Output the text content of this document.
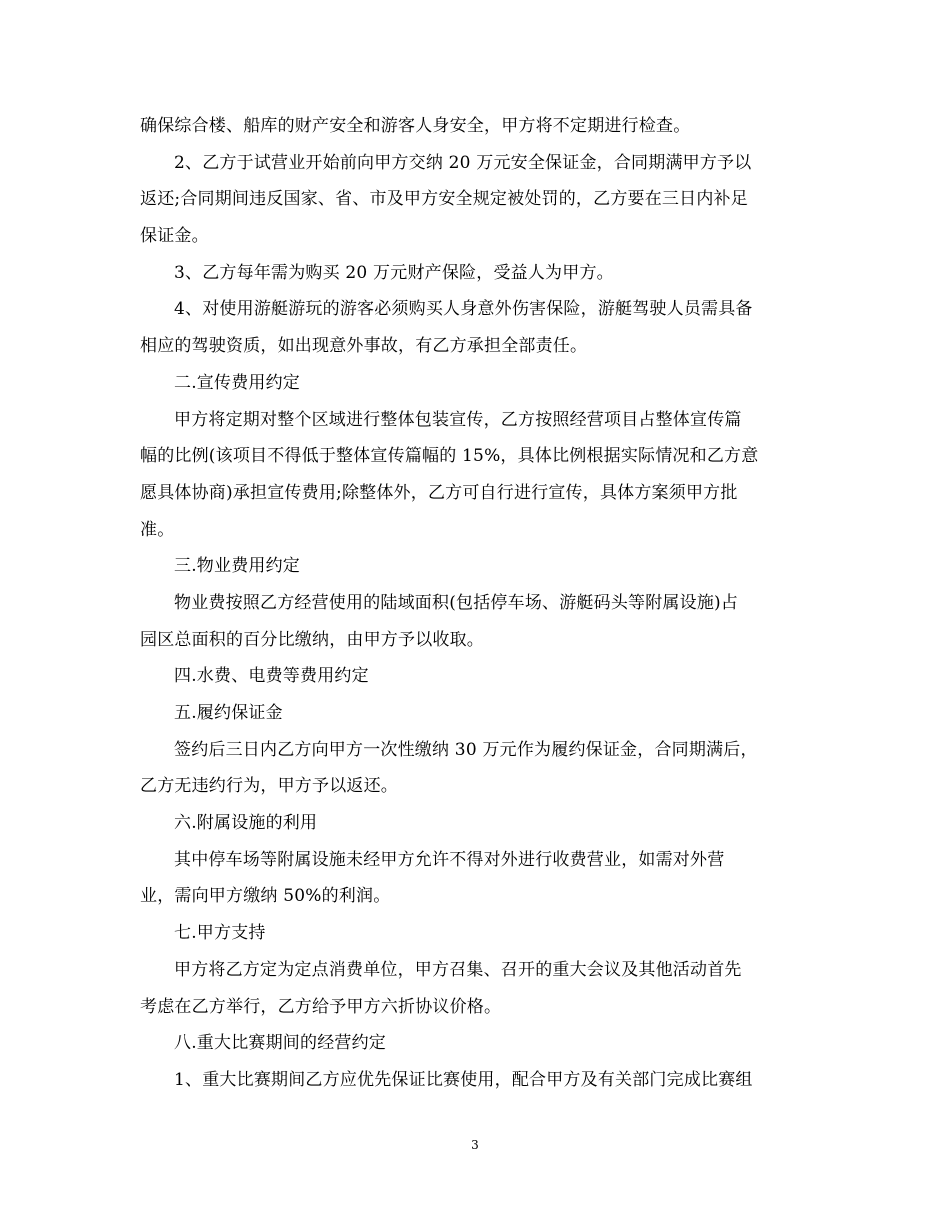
确保综合楼、船库的财产安全和游客人身安全，甲方将不定期进行检查。
2、乙方于试营业开始前向甲方交纳 20 万元安全保证金，合同期满甲方予以
返还;合同期间违反国家、省、市及甲方安全规定被处罚的，乙方要在三日内补足
保证金。
3、乙方每年需为购买 20 万元财产保险，受益人为甲方。
4、对使用游艇游玩的游客必须购买人身意外伤害保险，游艇驾驶人员需具备
相应的驾驶资质，如出现意外事故，有乙方承担全部责任。
二.宣传费用约定
甲方将定期对整个区域进行整体包装宣传，乙方按照经营项目占整体宣传篇
幅的比例(该项目不得低于整体宣传篇幅的 15%，具体比例根据实际情况和乙方意
愿具体协商)承担宣传费用;除整体外，乙方可自行进行宣传，具体方案须甲方批
准。
三.物业费用约定
物业费按照乙方经营使用的陆域面积(包括停车场、游艇码头等附属设施)占
园区总面积的百分比缴纳，由甲方予以收取。
四.水费、电费等费用约定
五.履约保证金
签约后三日内乙方向甲方一次性缴纳 30 万元作为履约保证金，合同期满后，
乙方无违约行为，甲方予以返还。
六.附属设施的利用
其中停车场等附属设施未经甲方允许不得对外进行收费营业，如需对外营
业，需向甲方缴纳 50%的利润。
七.甲方支持
甲方将乙方定为定点消费单位，甲方召集、召开的重大会议及其他活动首先
考虑在乙方举行，乙方给予甲方六折协议价格。
八.重大比赛期间的经营约定
1、重大比赛期间乙方应优先保证比赛使用，配合甲方及有关部门完成比赛组
3
